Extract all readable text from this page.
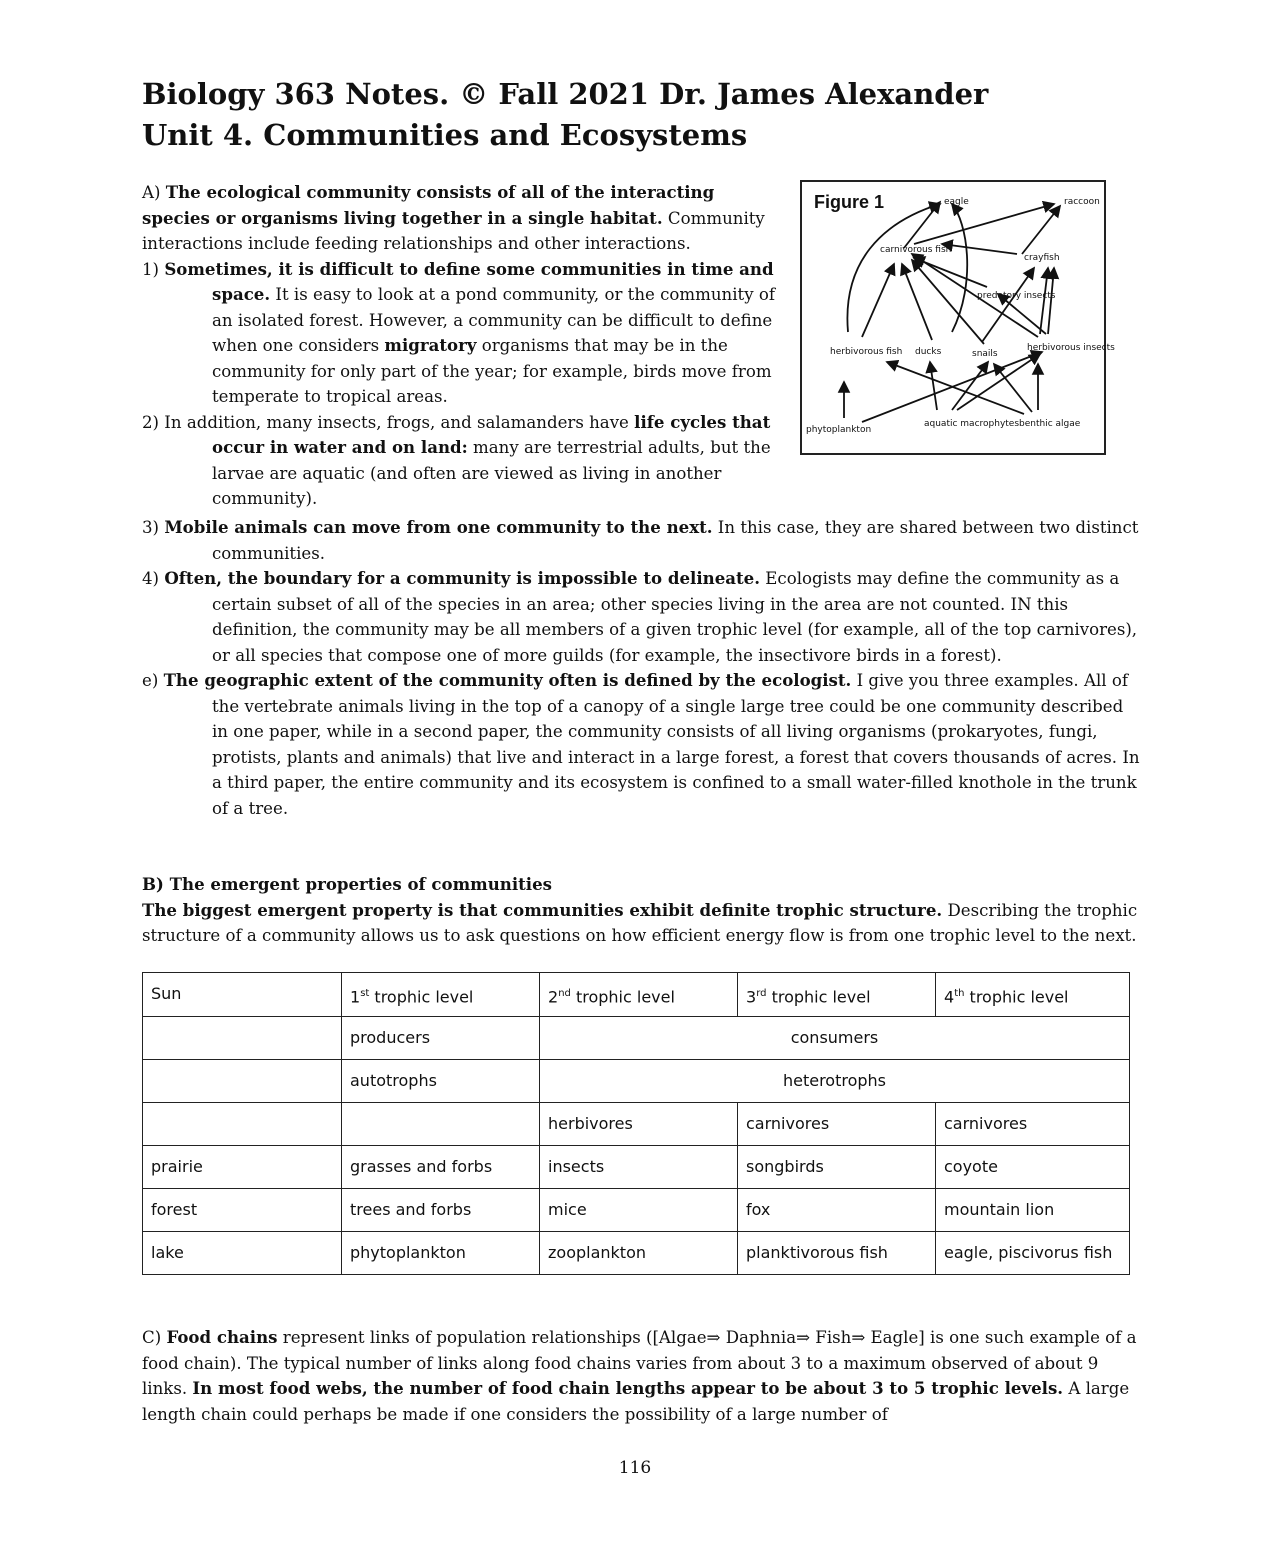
Biology 363 Notes. © Fall 2021 Dr. James Alexander
Unit 4. Communities and Ecosystems

A) The ecological community consists of all of the interacting species or organisms living together in a single habitat. Community interactions include feeding relationships and other interactions.

1) Sometimes, it is difficult to define some communities in time and space. It is easy to look at a pond community, or the community of an isolated forest. However, a community can be difficult to define when one considers migratory organisms that may be in the community for only part of the year; for example, birds move from temperate to tropical areas.

2) In addition, many insects, frogs, and salamanders have life cycles that occur in water and on land: many are terrestrial adults, but the larvae are aquatic (and often are viewed as living in another community).

3) Mobile animals can move from one community to the next. In this case, they are shared between two distinct communities.

4) Often, the boundary for a community is impossible to delineate. Ecologists may define the community as a certain subset of all of the species in an area; other species living in the area are not counted. IN this definition, the community may be all members of a given trophic level (for example, all of the top carnivores), or all species that compose one of more guilds (for example, the insectivore birds in a forest).

e) The geographic extent of the community often is defined by the ecologist. I give you three examples. All of the vertebrate animals living in the top of a canopy of a single large tree could be one community described in one paper, while in a second paper, the community consists of all living organisms (prokaryotes, fungi, protists, plants and animals) that live and interact in a large forest, a forest that covers thousands of acres. In a third paper, the entire community and its ecosystem is confined to a small water-filled knothole in the trunk of a tree.

Figure 1	eagle	raccoon
carnivorous fish
crayfish
predatory insects
herbivorous fish ducks	snails
herbivorous insects
phytoplankton
aquatic macrophytes benthic algae

B) The emergent properties of communities

The biggest emergent property is that communities exhibit definite trophic structure. Describing the trophic structure of a community allows us to ask questions on how efficient energy flow is from one trophic level to the next.

Sun	1st trophic level	2nd trophic level	3rd trophic level	4th trophic level
	producers	consumers		
	autotrophs	heterotrophs		
		herbivores	carnivores	carnivores
prairie	grasses and forbs	insects	songbirds	coyote
forest	trees and forbs	mice	fox	mountain lion
lake	phytoplankton	zooplankton	planktivorous fish	eagle, piscivorus fish

C) Food chains represent links of population relationships ([Algae⇒ Daphnia⇒ Fish⇒ Eagle] is one such example of a food chain). The typical number of links along food chains varies from about 3 to a maximum observed of about 9 links. In most food webs, the number of food chain lengths appear to be about 3 to 5 trophic levels. A large length chain could perhaps be made if one considers the possibility of a large number of

116
